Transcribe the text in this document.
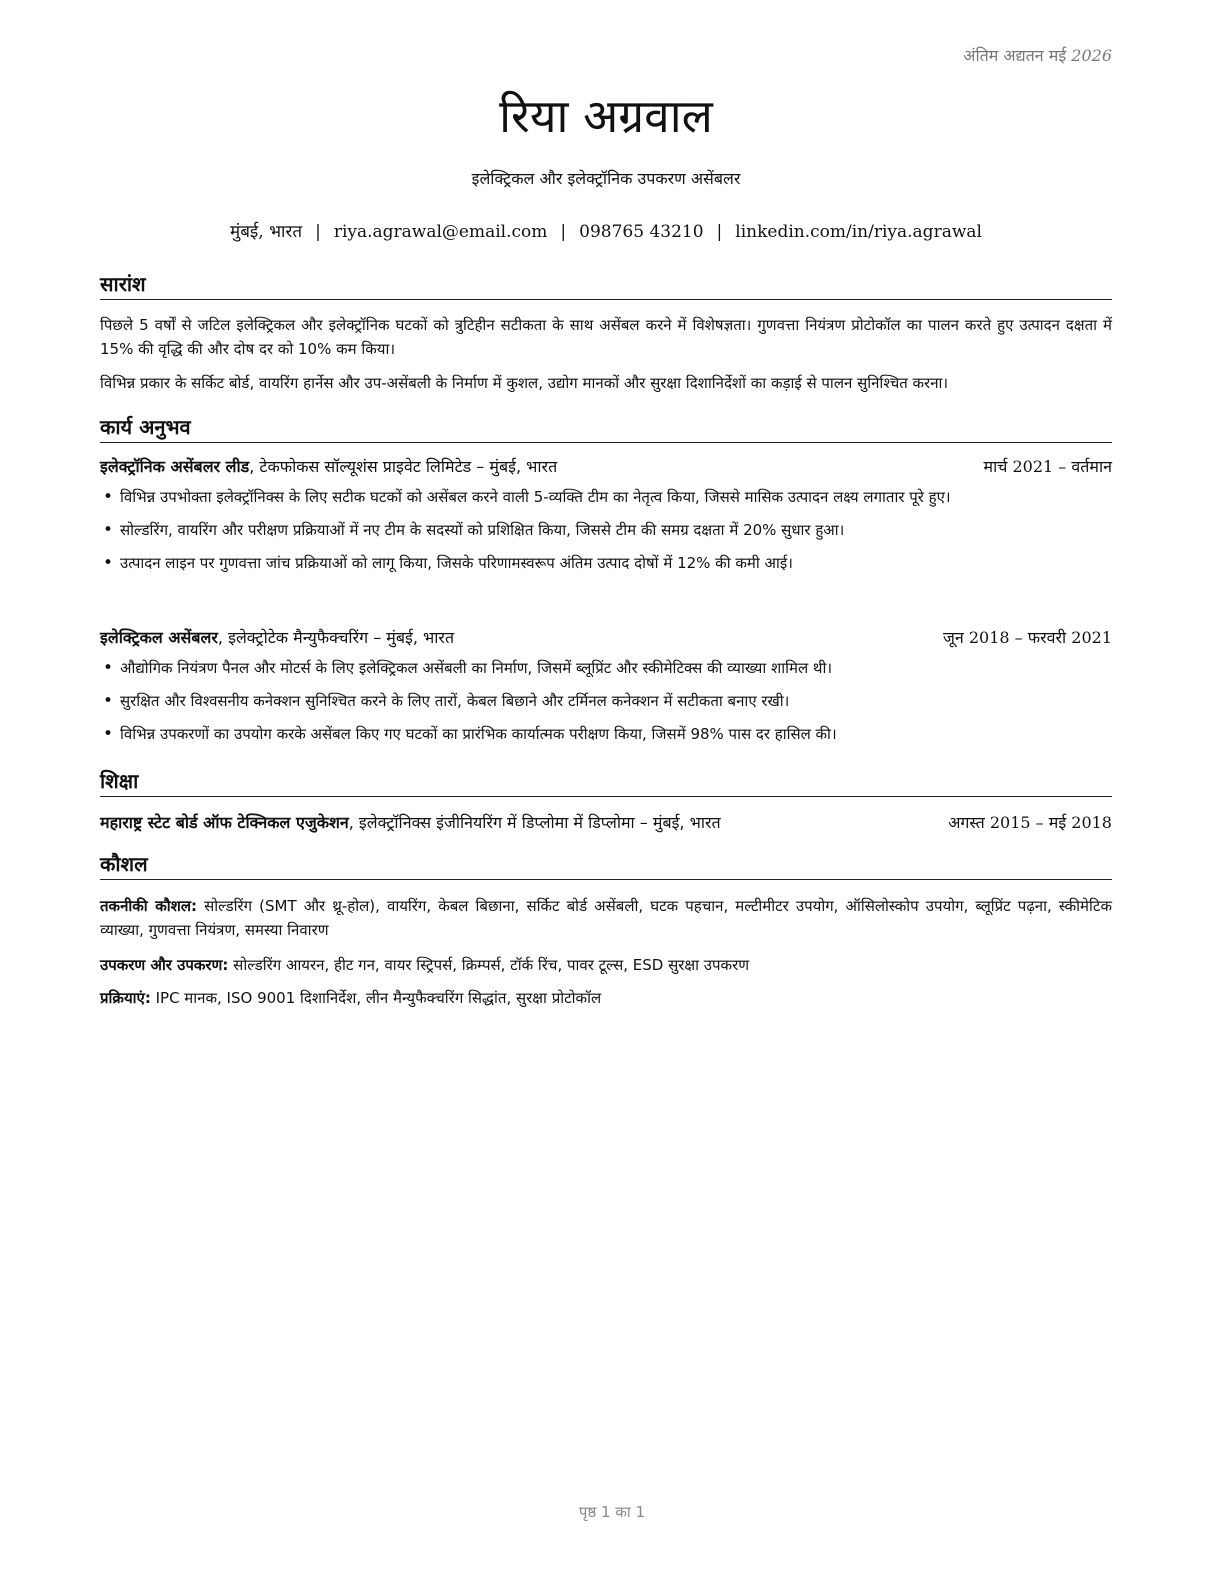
अंतिम अद्यतन मई 2026
रिया अग्रवाल
इलेक्ट्रिकल और इलेक्ट्रॉनिक उपकरण असेंबलर
मुंबई, भारत | riya.agrawal@email.com | 098765 43210 | linkedin.com/in/riya.agrawal
सारांश

पिछले 5 वर्षों से जटिल इलेक्ट्रिकल और इलेक्ट्रॉनिक घटकों को त्रुटिहीन सटीकता के साथ असेंबल करने में विशेषज्ञता। गुणवत्ता नियंत्रण प्रोटोकॉल का पालन करते हुए उत्पादन दक्षता में 15% की वृद्धि की और दोष दर को 10% कम किया।

विभिन्न प्रकार के सर्किट बोर्ड, वायरिंग हार्नेस और उप-असेंबली के निर्माण में कुशल, उद्योग मानकों और सुरक्षा दिशानिर्देशों का कड़ाई से पालन सुनिश्चित करना।

कार्य अनुभव
इलेक्ट्रॉनिक असेंबलर लीड, टेकफोकस सॉल्यूशंस प्राइवेट लिमिटेड – मुंबई, भारत	मार्च 2021 – वर्तमान
• विभिन्न उपभोक्ता इलेक्ट्रॉनिक्स के लिए सटीक घटकों को असेंबल करने वाली 5-व्यक्ति टीम का नेतृत्व किया, जिससे मासिक उत्पादन लक्ष्य लगातार पूरे हुए।
• सोल्डरिंग, वायरिंग और परीक्षण प्रक्रियाओं में नए टीम के सदस्यों को प्रशिक्षित किया, जिससे टीम की समग्र दक्षता में 20% सुधार हुआ।
• उत्पादन लाइन पर गुणवत्ता जांच प्रक्रियाओं को लागू किया, जिसके परिणामस्वरूप अंतिम उत्पाद दोषों में 12% की कमी आई।
इलेक्ट्रिकल असेंबलर, इलेक्ट्रोटेक मैन्युफैक्चरिंग – मुंबई, भारत	जून 2018 – फरवरी 2021
• औद्योगिक नियंत्रण पैनल और मोटर्स के लिए इलेक्ट्रिकल असेंबली का निर्माण, जिसमें ब्लूप्रिंट और स्कीमेटिक्स की व्याख्या शामिल थी।
• सुरक्षित और विश्वसनीय कनेक्शन सुनिश्चित करने के लिए तारों, केबल बिछाने और टर्मिनल कनेक्शन में सटीकता बनाए रखी।
• विभिन्न उपकरणों का उपयोग करके असेंबल किए गए घटकों का प्रारंभिक कार्यात्मक परीक्षण किया, जिसमें 98% पास दर हासिल की।
शिक्षा
महाराष्ट्र स्टेट बोर्ड ऑफ टेक्निकल एजुकेशन, इलेक्ट्रॉनिक्स इंजीनियरिंग में डिप्लोमा में डिप्लोमा – मुंबई, भारत	अगस्त 2015 – मई 2018
कौशल
तकनीकी कौशल: सोल्डरिंग (SMT और थ्रू-होल), वायरिंग, केबल बिछाना, सर्किट बोर्ड असेंबली, घटक पहचान, मल्टीमीटर उपयोग, ऑसिलोस्कोप उपयोग, ब्लूप्रिंट पढ़ना, स्कीमेटिक व्याख्या, गुणवत्ता नियंत्रण, समस्या निवारण
उपकरण और उपकरण: सोल्डरिंग आयरन, हीट गन, वायर स्ट्रिपर्स, क्रिम्पर्स, टॉर्क रिंच, पावर टूल्स, ESD सुरक्षा उपकरण
प्रक्रियाएं: IPC मानक, ISO 9001 दिशानिर्देश, लीन मैन्युफैक्चरिंग सिद्धांत, सुरक्षा प्रोटोकॉल
पृष्ठ 1 का 1
